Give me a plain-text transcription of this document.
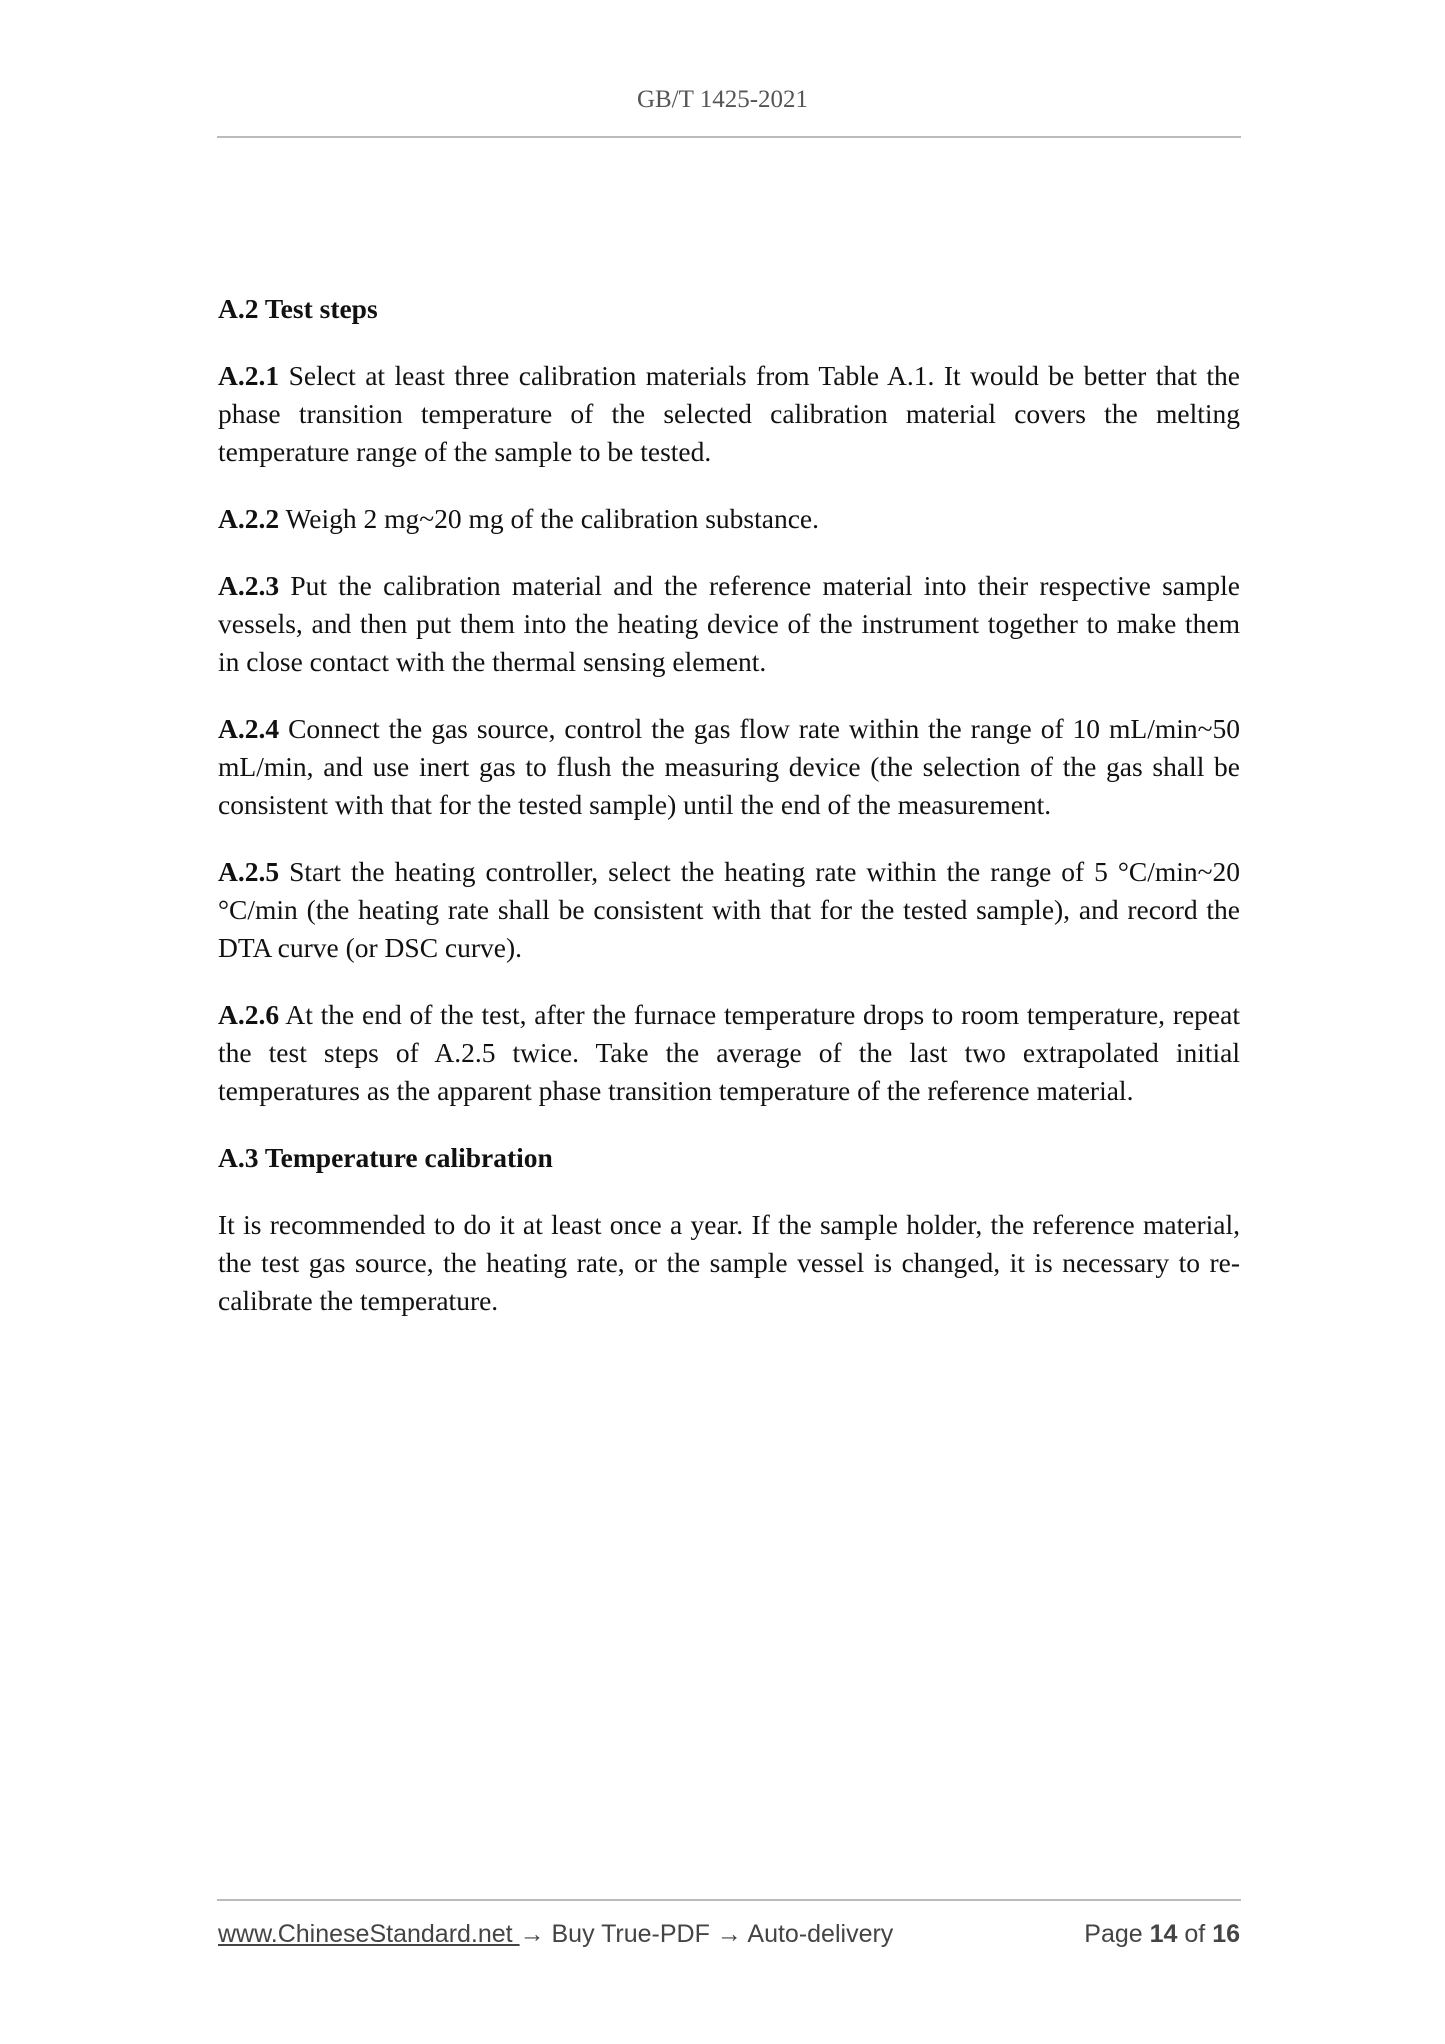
GB/T 1425-2021
A.2 Test steps

A.2.1 Select at least three calibration materials from Table A.1. It would be better that the phase transition temperature of the selected calibration material covers the melting temperature range of the sample to be tested.

A.2.2 Weigh 2 mg~20 mg of the calibration substance.

A.2.3 Put the calibration material and the reference material into their respective sample vessels, and then put them into the heating device of the instrument together to make them in close contact with the thermal sensing element.

A.2.4 Connect the gas source, control the gas flow rate within the range of 10 mL/min~50 mL/min, and use inert gas to flush the measuring device (the selection of the gas shall be consistent with that for the tested sample) until the end of the measurement.

A.2.5 Start the heating controller, select the heating rate within the range of 5 °C/min~20 °C/min (the heating rate shall be consistent with that for the tested sample), and record the DTA curve (or DSC curve).

A.2.6 At the end of the test, after the furnace temperature drops to room temperature, repeat the test steps of A.2.5 twice. Take the average of the last two extrapolated initial temperatures as the apparent phase transition temperature of the reference material.

A.3 Temperature calibration

It is recommended to do it at least once a year. If the sample holder, the reference material, the test gas source, the heating rate, or the sample vessel is changed, it is necessary to re-calibrate the temperature.

www.ChineseStandard.net → Buy True-PDF → Auto-delivery	Page 14 of 16
